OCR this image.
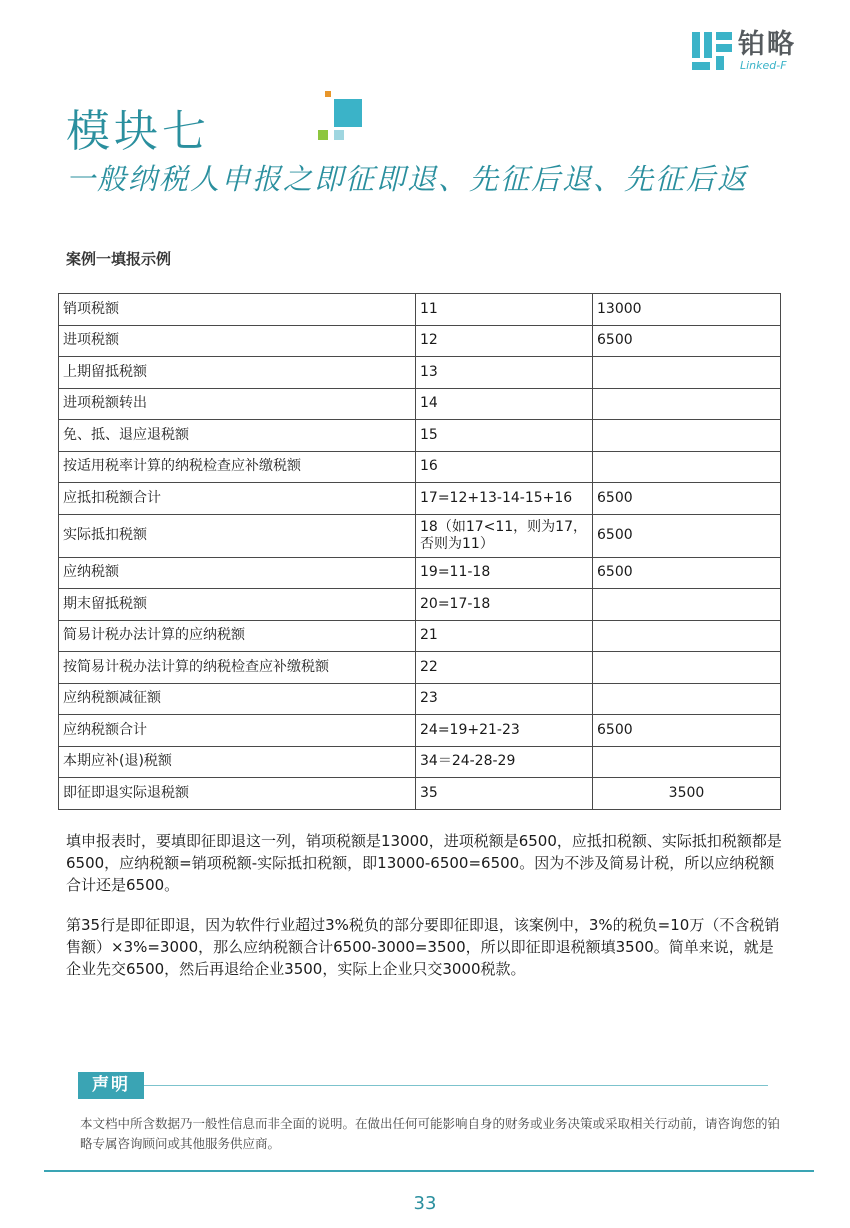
铂略
Linked-F
模块七
一般纳税人申报之即征即退、先征后退、先征后返
案例一填报示例
销项税额	11	13000
进项税额	12	6500
上期留抵税额	13	
进项税额转出	14	
免、抵、退应退税额	15	
按适用税率计算的纳税检查应补缴税额	16	
应抵扣税额合计	17=12+13-14-15+16	6500
实际抵扣税额	18（如17<11，则为17，否则为11）	6500
应纳税额	19=11-18	6500
期末留抵税额	20=17-18	
简易计税办法计算的应纳税额	21	
按简易计税办法计算的纳税检查应补缴税额	22	
应纳税额减征额	23	
应纳税额合计	24=19+21-23	6500
本期应补(退)税额	34＝24-28-29	
即征即退实际退税额	35	3500
填申报表时，要填即征即退这一列，销项税额是13000，进项税额是6500，应抵扣税额、实际抵扣税额都是6500，应纳税额=销项税额-实际抵扣税额，即13000-6500=6500。因为不涉及简易计税，所以应纳税额合计还是6500。
第35行是即征即退，因为软件行业超过3%税负的部分要即征即退，该案例中，3%的税负=10万（不含税销售额）×3%=3000，那么应纳税额合计6500-3000=3500，所以即征即退税额填3500。简单来说，就是企业先交6500，然后再退给企业3500，实际上企业只交3000税款。
声明
本文档中所含数据乃一般性信息而非全面的说明。在做出任何可能影响自身的财务或业务决策或采取相关行动前，请咨询您的铂略专属咨询顾问或其他服务供应商。
33
